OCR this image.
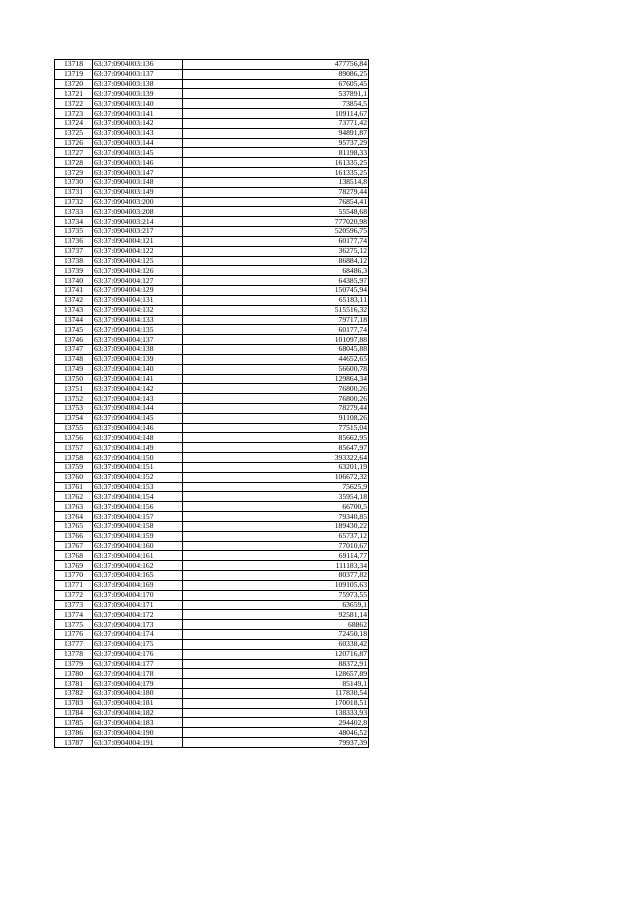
13718	63:37:0904003:136	477756,84
13719	63:37:0904003:137	89086,25
13720	63:37:0904003:138	67605,45
13721	63:37:0904003:139	537891,1
13722	63:37:0904003:140	73854,5
13723	63:37:0904003:141	109114,67
13724	63:37:0904003:142	73771,42
13725	63:37:0904003:143	94891,87
13726	63:37:0904003:144	95737,29
13727	63:37:0904003:145	81198,33
13728	63:37:0904003:146	161335,25
13729	63:37:0904003:147	161335,25
13730	63:37:0904003:148	138514,8
13731	63:37:0904003:149	78279,44
13732	63:37:0904003:200	76854,41
13733	63:37:0904003:208	55548,68
13734	63:37:0904003:214	777020,98
13735	63:37:0904003:217	520596,75
13736	63:37:0904004:121	60177,74
13737	63:37:0904004:122	36275,12
13738	63:37:0904004:125	86884,12
13739	63:37:0904004:126	68486,3
13740	63:37:0904004:127	64385,97
13741	63:37:0904004:129	150745,94
13742	63:37:0904004:131	65183,11
13743	63:37:0904004:132	515516,32
13744	63:37:0904004:133	79717,18
13745	63:37:0904004:135	60177,74
13746	63:37:0904004:137	101097,88
13747	63:37:0904004:138	68045,88
13748	63:37:0904004:139	44652,65
13749	63:37:0904004:140	56600,78
13750	63:37:0904004:141	129864,34
13751	63:37:0904004:142	76800,26
13752	63:37:0904004:143	76800,26
13753	63:37:0904004:144	78279,44
13754	63:37:0904004:145	91108,26
13755	63:37:0904004:146	77515,04
13756	63:37:0904004:148	85662,95
13757	63:37:0904004:149	85647,97
13758	63:37:0904004:150	393322,64
13759	63:37:0904004:151	63201,19
13760	63:37:0904004:152	106672,32
13761	63:37:0904004:153	75625,9
13762	63:37:0904004:154	35954,18
13763	63:37:0904004:156	66700,5
13764	63:37:0904004:157	79340,85
13765	63:37:0904004:158	189430,22
13766	63:37:0904004:159	65737,12
13767	63:37:0904004:160	77010,67
13768	63:37:0904004:161	69114,77
13769	63:37:0904004:162	111183,34
13770	63:37:0904004:165	80377,82
13771	63:37:0904004:169	109105,63
13772	63:37:0904004:170	75973,55
13773	63:37:0904004:171	63659,1
13774	63:37:0904004:172	92581,14
13775	63:37:0904004:173	68862
13776	63:37:0904004:174	72450,18
13777	63:37:0904004:175	60338,42
13778	63:37:0904004:176	120716,87
13779	63:37:0904004:177	88372,91
13780	63:37:0904004:178	128657,89
13781	63:37:0904004:179	85149,1
13782	63:37:0904004:180	117830,54
13783	63:37:0904004:181	170018,51
13784	63:37:0904004:182	138333,93
13785	63:37:0904004:183	294402,8
13786	63:37:0904004:190	48046,52
13787	63:37:0904004:191	79937,39
